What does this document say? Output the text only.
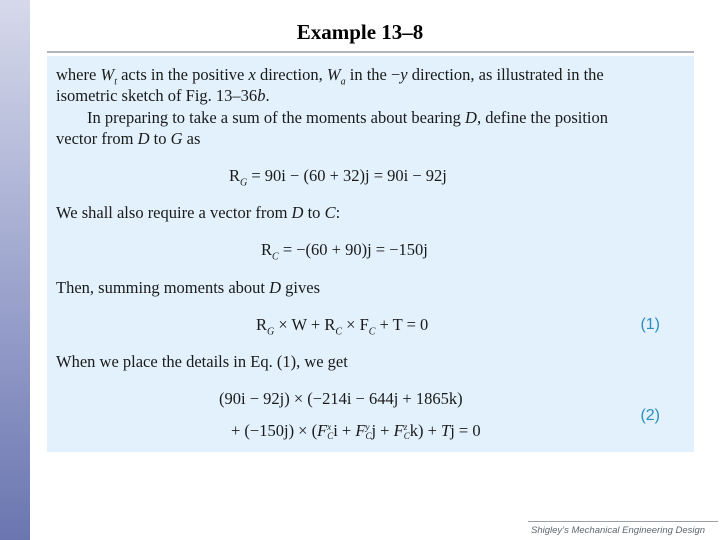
Example 13–8
where $W_t$ acts in the positive x direction, $W_a$ in the −y direction, as illustrated in the
isometric sketch of Fig. 13–36b.
In preparing to take a sum of the moments about bearing D, define the position
vector from D to G as
$R_G = 90i - (60 + 32)j = 90i - 92j$
We shall also require a vector from D to C:
$R_C = -(60 + 90)j = -150j$
Then, summing moments about D gives
$R_G \times W + R_C \times F_C + T = 0$	(1)
When we place the details in Eq. (1), we get
(90i − 92j) × (−214i − 644j + 1865k)
(2)
+ (−150j) × (Fx
Ci + Fy
Cj + Fz
Ck) + Tj = 0
Shigley’s Mechanical Engineering Design
